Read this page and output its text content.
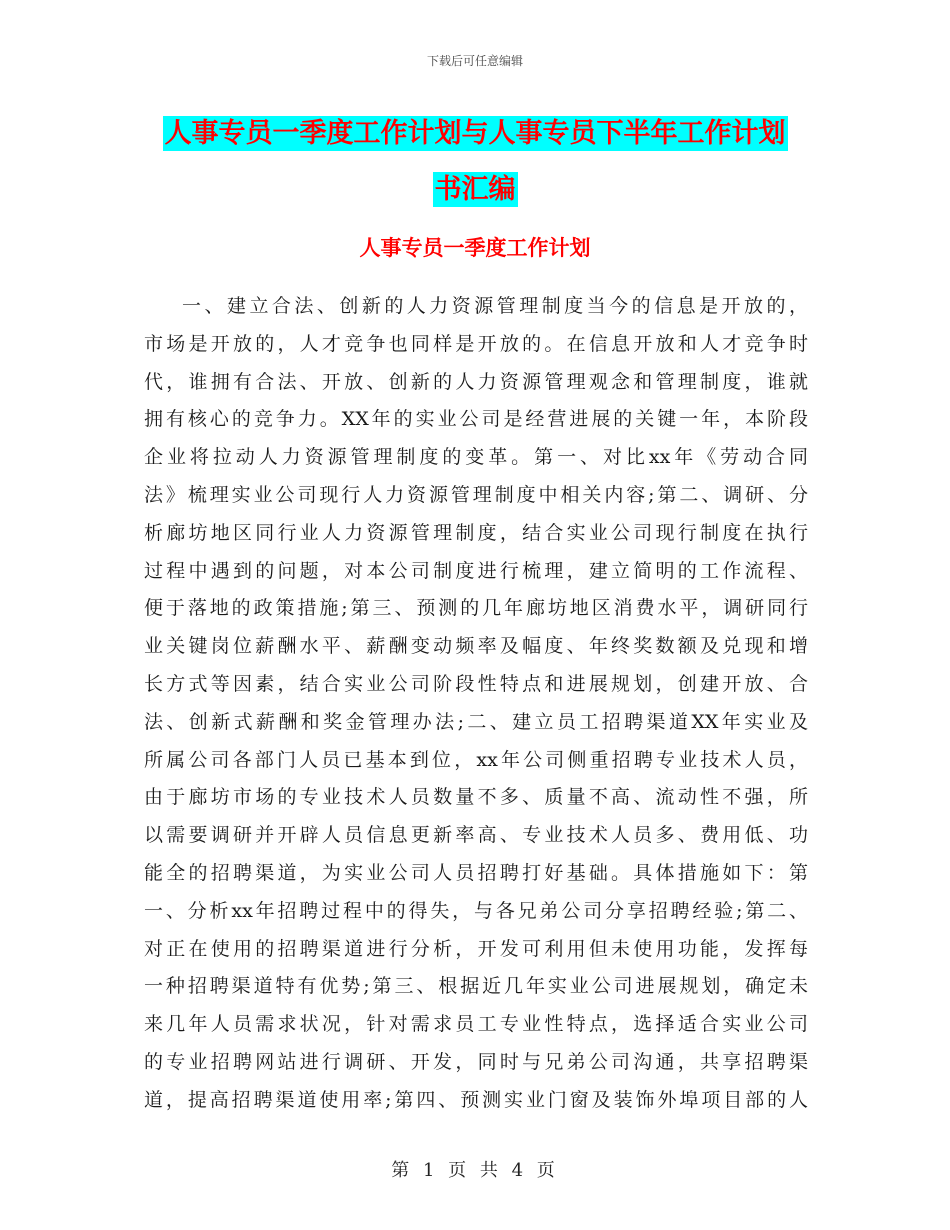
下载后可任意编辑
人事专员一季度工作计划与人事专员下半年工作计划
书汇编
人事专员一季度工作计划
一、建立合法、创新的人力资源管理制度当今的信息是开放的，
市场是开放的，人才竞争也同样是开放的。在信息开放和人才竞争时
代，谁拥有合法、开放、创新的人力资源管理观念和管理制度，谁就
拥有核心的竞争力。XX年的实业公司是经营进展的关键一年，本阶段
企业将拉动人力资源管理制度的变革。第一、对比xx年《劳动合同
法》梳理实业公司现行人力资源管理制度中相关内容;第二、调研、分
析廊坊地区同行业人力资源管理制度，结合实业公司现行制度在执行
过程中遇到的问题，对本公司制度进行梳理，建立简明的工作流程、
便于落地的政策措施;第三、预测的几年廊坊地区消费水平，调研同行
业关键岗位薪酬水平、薪酬变动频率及幅度、年终奖数额及兑现和增
长方式等因素，结合实业公司阶段性特点和进展规划，创建开放、合
法、创新式薪酬和奖金管理办法;二、建立员工招聘渠道XX年实业及
所属公司各部门人员已基本到位，xx年公司侧重招聘专业技术人员，
由于廊坊市场的专业技术人员数量不多、质量不高、流动性不强，所
以需要调研并开辟人员信息更新率高、专业技术人员多、费用低、功
能全的招聘渠道，为实业公司人员招聘打好基础。具体措施如下：第
一、分析xx年招聘过程中的得失，与各兄弟公司分享招聘经验;第二、
对正在使用的招聘渠道进行分析，开发可利用但未使用功能，发挥每
一种招聘渠道特有优势;第三、根据近几年实业公司进展规划，确定未
来几年人员需求状况，针对需求员工专业性特点，选择适合实业公司
的专业招聘网站进行调研、开发，同时与兄弟公司沟通，共享招聘渠
道，提高招聘渠道使用率;第四、预测实业门窗及装饰外埠项目部的人
第 1 页 共 4 页
